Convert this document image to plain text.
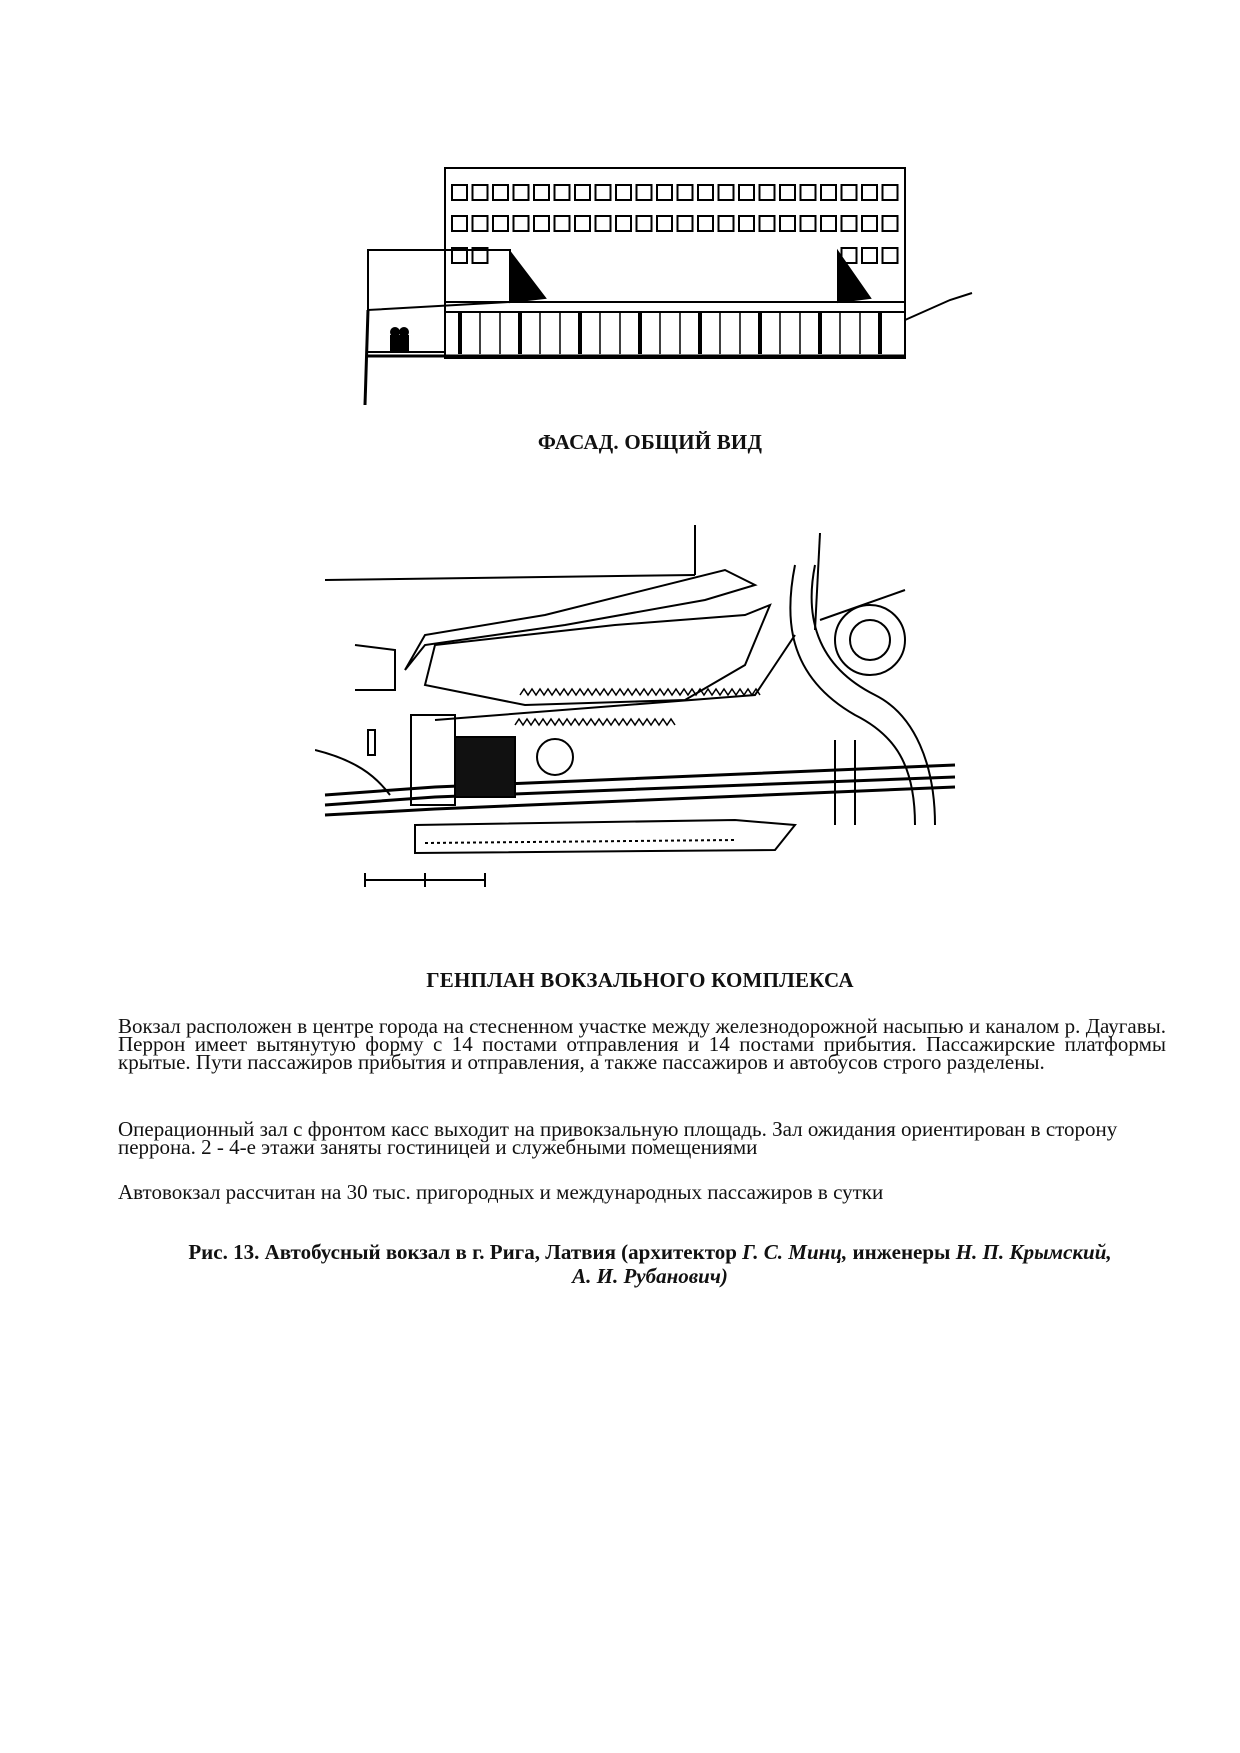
ФАСАД. ОБЩИЙ ВИД
ГЕНПЛАН ВОКЗАЛЬНОГО КОМПЛЕКСА

Вокзал расположен в центре города на стесненном участке между железнодорожной насыпью и каналом р. Даугавы. Перрон имеет вытянутую форму с 14 постами отправления и 14 постами прибытия. Пассажирские платформы крытые. Пути пассажиров прибытия и отправления, а также пассажиров и автобусов строго разделены.

Операционный зал с фронтом касс выходит на привокзальную площадь. Зал ожидания ориентирован в сторону перрона. 2 - 4-е этажи заняты гостиницей и служебными помещениями

Автовокзал рассчитан на 30 тыс. пригородных и международных пассажиров в сутки

Рис. 13. Автобусный вокзал в г. Рига, Латвия (архитектор Г. С. Минц, инженеры Н. П. Крымский, А. И. Рубанович)
